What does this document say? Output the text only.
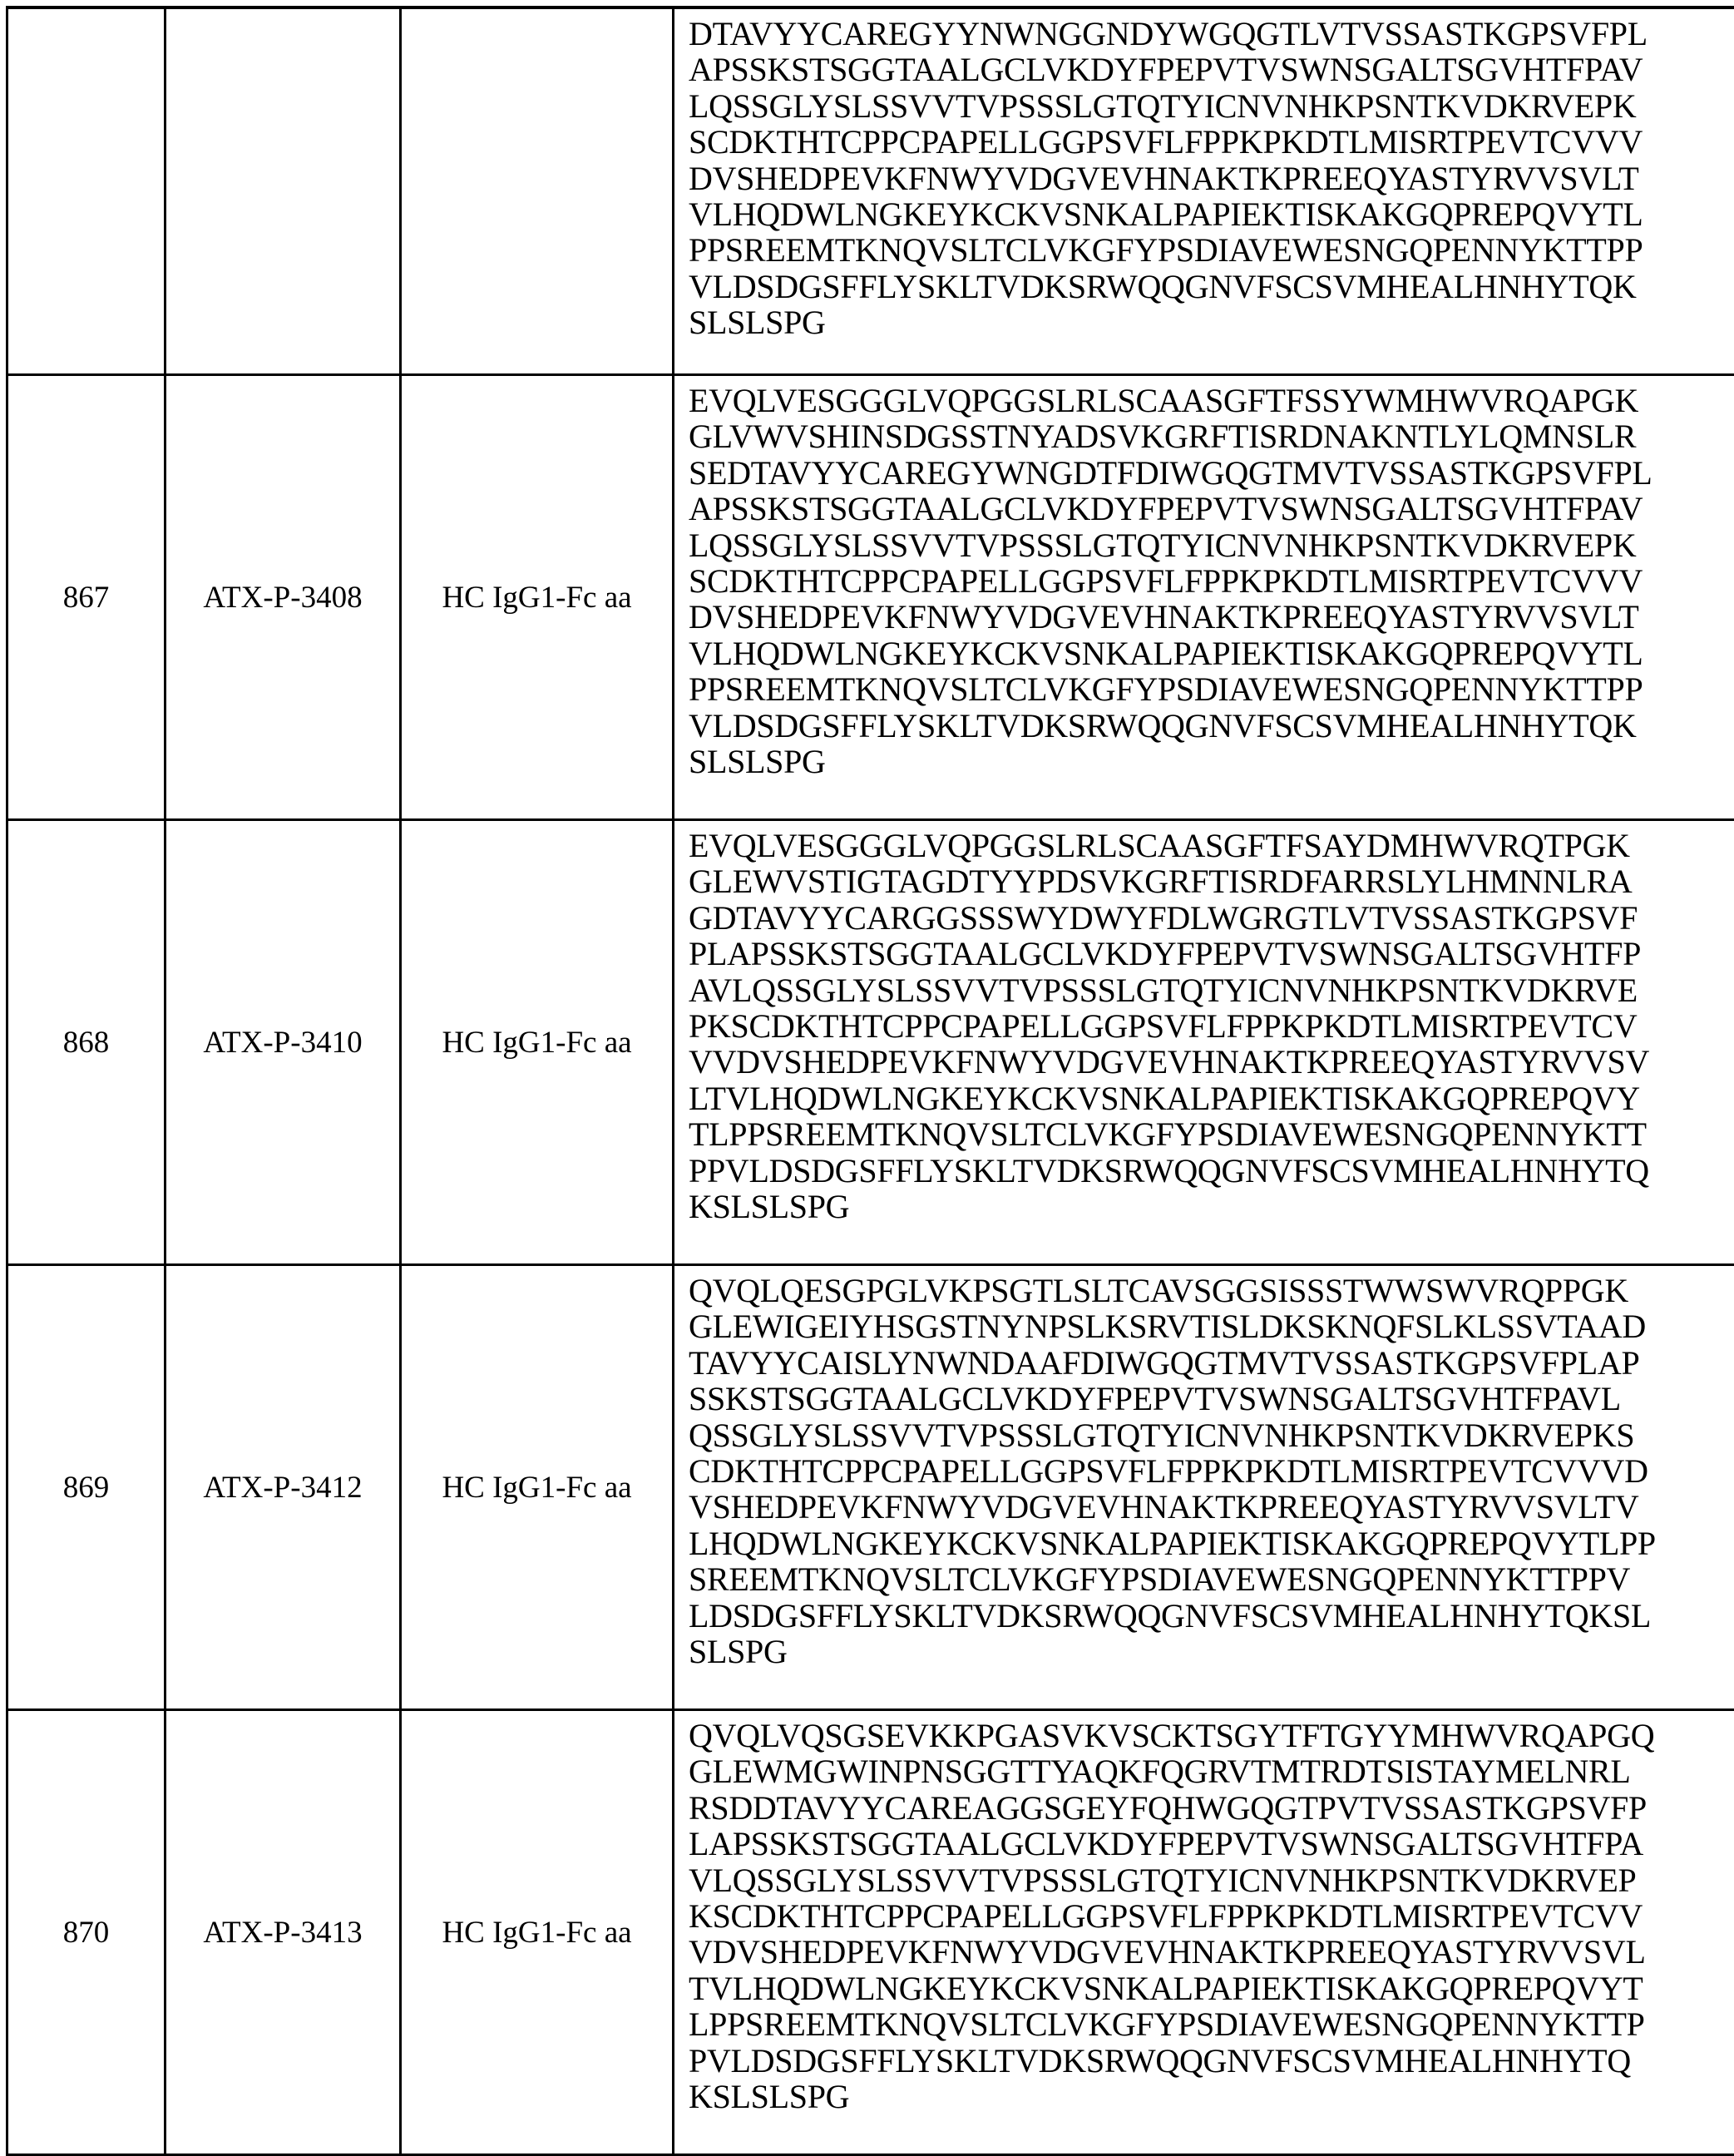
DTAVYYCAREGYYNWNGGNDYWGQGTLVTVSSASTKGPSVFPL
APSSKSTSGGTAALGCLVKDYFPEPVTVSWNSGALTSGVHTFPAV
LQSSGLYSLSSVVTVPSSSLGTQTYICNVNHKPSNTKVDKRVEPK
SCDKTHTCPPCPAPELLGGPSVFLFPPKPKDTLMISRTPEVTCVVV
DVSHEDPEVKFNWYVDGVEVHNAKTKPREEQYASTYRVVSVLT
VLHQDWLNGKEYKCKVSNKALPAPIEKTISKAKGQPREPQVYTL
PPSREEMTKNQVSLTCLVKGFYPSDIAVEWESNGQPENNYKTTPP
VLDSDGSFFLYSKLTVDKSRWQQGNVFSCSVMHEALHNHYTQK
SLSLSPG

867	ATX-P-3408	HC IgG1-Fc aa	
EVQLVESGGGLVQPGGSLRLSCAASGFTFSSYWMHWVRQAPGK
GLVWVSHINSDGSSTNYADSVKGRFTISRDNAKNTLYLQMNSLR
SEDTAVYYCAREGYWNGDTFDIWGQGTMVTVSSASTKGPSVFPL
APSSKSTSGGTAALGCLVKDYFPEPVTVSWNSGALTSGVHTFPAV
LQSSGLYSLSSVVTVPSSSLGTQTYICNVNHKPSNTKVDKRVEPK
SCDKTHTCPPCPAPELLGGPSVFLFPPKPKDTLMISRTPEVTCVVV
DVSHEDPEVKFNWYVDGVEVHNAKTKPREEQYASTYRVVSVLT
VLHQDWLNGKEYKCKVSNKALPAPIEKTISKAKGQPREPQVYTL
PPSREEMTKNQVSLTCLVKGFYPSDIAVEWESNGQPENNYKTTPP
VLDSDGSFFLYSKLTVDKSRWQQGNVFSCSVMHEALHNHYTQK
SLSLSPG

868	ATX-P-3410	HC IgG1-Fc aa	
EVQLVESGGGLVQPGGSLRLSCAASGFTFSAYDMHWVRQTPGK
GLEWVSTIGTAGDTYYPDSVKGRFTISRDFARRSLYLHMNNLRA
GDTAVYYCARGGSSSWYDWYFDLWGRGTLVTVSSASTKGPSVF
PLAPSSKSTSGGTAALGCLVKDYFPEPVTVSWNSGALTSGVHTFP
AVLQSSGLYSLSSVVTVPSSSLGTQTYICNVNHKPSNTKVDKRVE
PKSCDKTHTCPPCPAPELLGGPSVFLFPPKPKDTLMISRTPEVTCV
VVDVSHEDPEVKFNWYVDGVEVHNAKTKPREEQYASTYRVVSV
LTVLHQDWLNGKEYKCKVSNKALPAPIEKTISKAKGQPREPQVY
TLPPSREEMTKNQVSLTCLVKGFYPSDIAVEWESNGQPENNYKTT
PPVLDSDGSFFLYSKLTVDKSRWQQGNVFSCSVMHEALHNHYTQ
KSLSLSPG

869	ATX-P-3412	HC IgG1-Fc aa	
QVQLQESGPGLVKPSGTLSLTCAVSGGSISSSTWWSWVRQPPGK
GLEWIGEIYHSGSTNYNPSLKSRVTISLDKSKNQFSLKLSSVTAAD
TAVYYCAISLYNWNDAAFDIWGQGTMVTVSSASTKGPSVFPLAP
SSKSTSGGTAALGCLVKDYFPEPVTVSWNSGALTSGVHTFPAVL
QSSGLYSLSSVVTVPSSSLGTQTYICNVNHKPSNTKVDKRVEPKS
CDKTHTCPPCPAPELLGGPSVFLFPPKPKDTLMISRTPEVTCVVVD
VSHEDPEVKFNWYVDGVEVHNAKTKPREEQYASTYRVVSVLTV
LHQDWLNGKEYKCKVSNKALPAPIEKTISKAKGQPREPQVYTLPP
SREEMTKNQVSLTCLVKGFYPSDIAVEWESNGQPENNYKTTPPV
LDSDGSFFLYSKLTVDKSRWQQGNVFSCSVMHEALHNHYTQKSL
SLSPG

870	ATX-P-3413	HC IgG1-Fc aa	
QVQLVQSGSEVKKPGASVKVSCKTSGYTFTGYYMHWVRQAPGQ
GLEWMGWINPNSGGTTYAQKFQGRVTMTRDTSISTAYMELNRL
RSDDTAVYYCAREAGGSGEYFQHWGQGTPVTVSSASTKGPSVFP
LAPSSKSTSGGTAALGCLVKDYFPEPVTVSWNSGALTSGVHTFPA
VLQSSGLYSLSSVVTVPSSSLGTQTYICNVNHKPSNTKVDKRVEP
KSCDKTHTCPPCPAPELLGGPSVFLFPPKPKDTLMISRTPEVTCVV
VDVSHEDPEVKFNWYVDGVEVHNAKTKPREEQYASTYRVVSVL
TVLHQDWLNGKEYKCKVSNKALPAPIEKTISKAKGQPREPQVYT
LPPSREEMTKNQVSLTCLVKGFYPSDIAVEWESNGQPENNYKTTP
PVLDSDGSFFLYSKLTVDKSRWQQGNVFSCSVMHEALHNHYTQ
KSLSLSPG
